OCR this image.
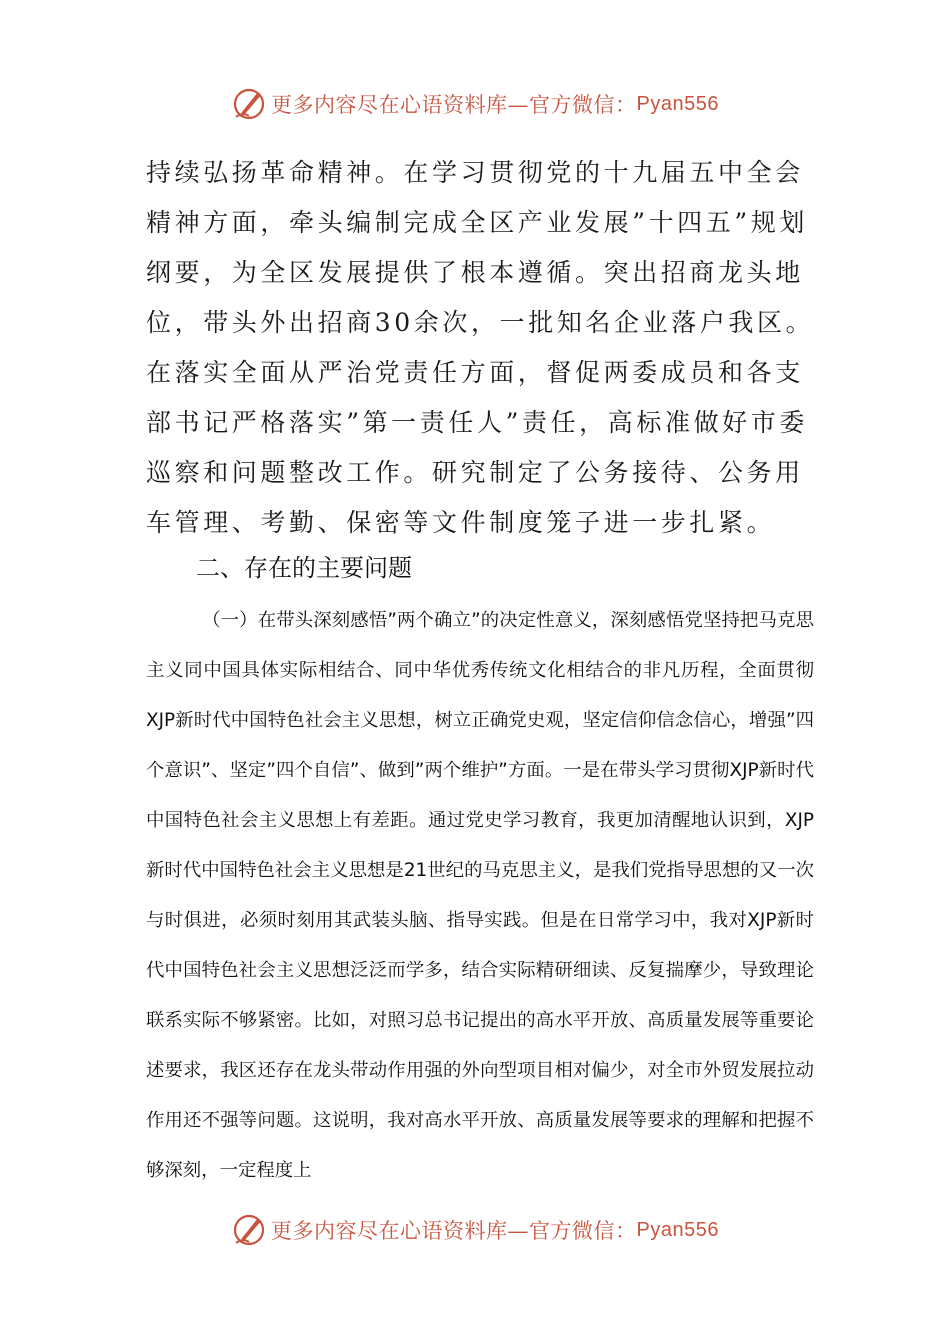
更多内容尽在心语资料库—官方微信： Pyan556

持续弘扬革命精神。在学习贯彻党的十九届五中全会精神方面，牵头编制完成全区产业发展”十四五”规划纲要，为全区发展提供了根本遵循。突出招商龙头地位，带头外出招商30余次，一批知名企业落户我区。在落实全面从严治党责任方面，督促两委成员和各支部书记严格落实”第一责任人”责任，高标准做好市委巡察和问题整改工作。研究制定了公务接待、公务用车管理、考勤、保密等文件制度笼子进一步扎紧。

二、存在的主要问题

（一）在带头深刻感悟”两个确立”的决定性意义，深刻感悟党坚持把马克思主义同中国具体实际相结合、同中华优秀传统文化相结合的非凡历程，全面贯彻XJP新时代中国特色社会主义思想，树立正确党史观，坚定信仰信念信心，增强”四个意识”、坚定”四个自信”、做到”两个维护”方面。一是在带头学习贯彻XJP新时代中国特色社会主义思想上有差距。通过党史学习教育，我更加清醒地认识到，XJP新时代中国特色社会主义思想是21世纪的马克思主义，是我们党指导思想的又一次与时俱进，必须时刻用其武装头脑、指导实践。但是在日常学习中，我对XJP新时代中国特色社会主义思想泛泛而学多，结合实际精研细读、反复揣摩少，导致理论联系实际不够紧密。比如，对照习总书记提出的高水平开放、高质量发展等重要论述要求，我区还存在龙头带动作用强的外向型项目相对偏少，对全市外贸发展拉动作用还不强等问题。这说明，我对高水平开放、高质量发展等要求的理解和把握不够深刻，一定程度上

更多内容尽在心语资料库—官方微信： Pyan556
